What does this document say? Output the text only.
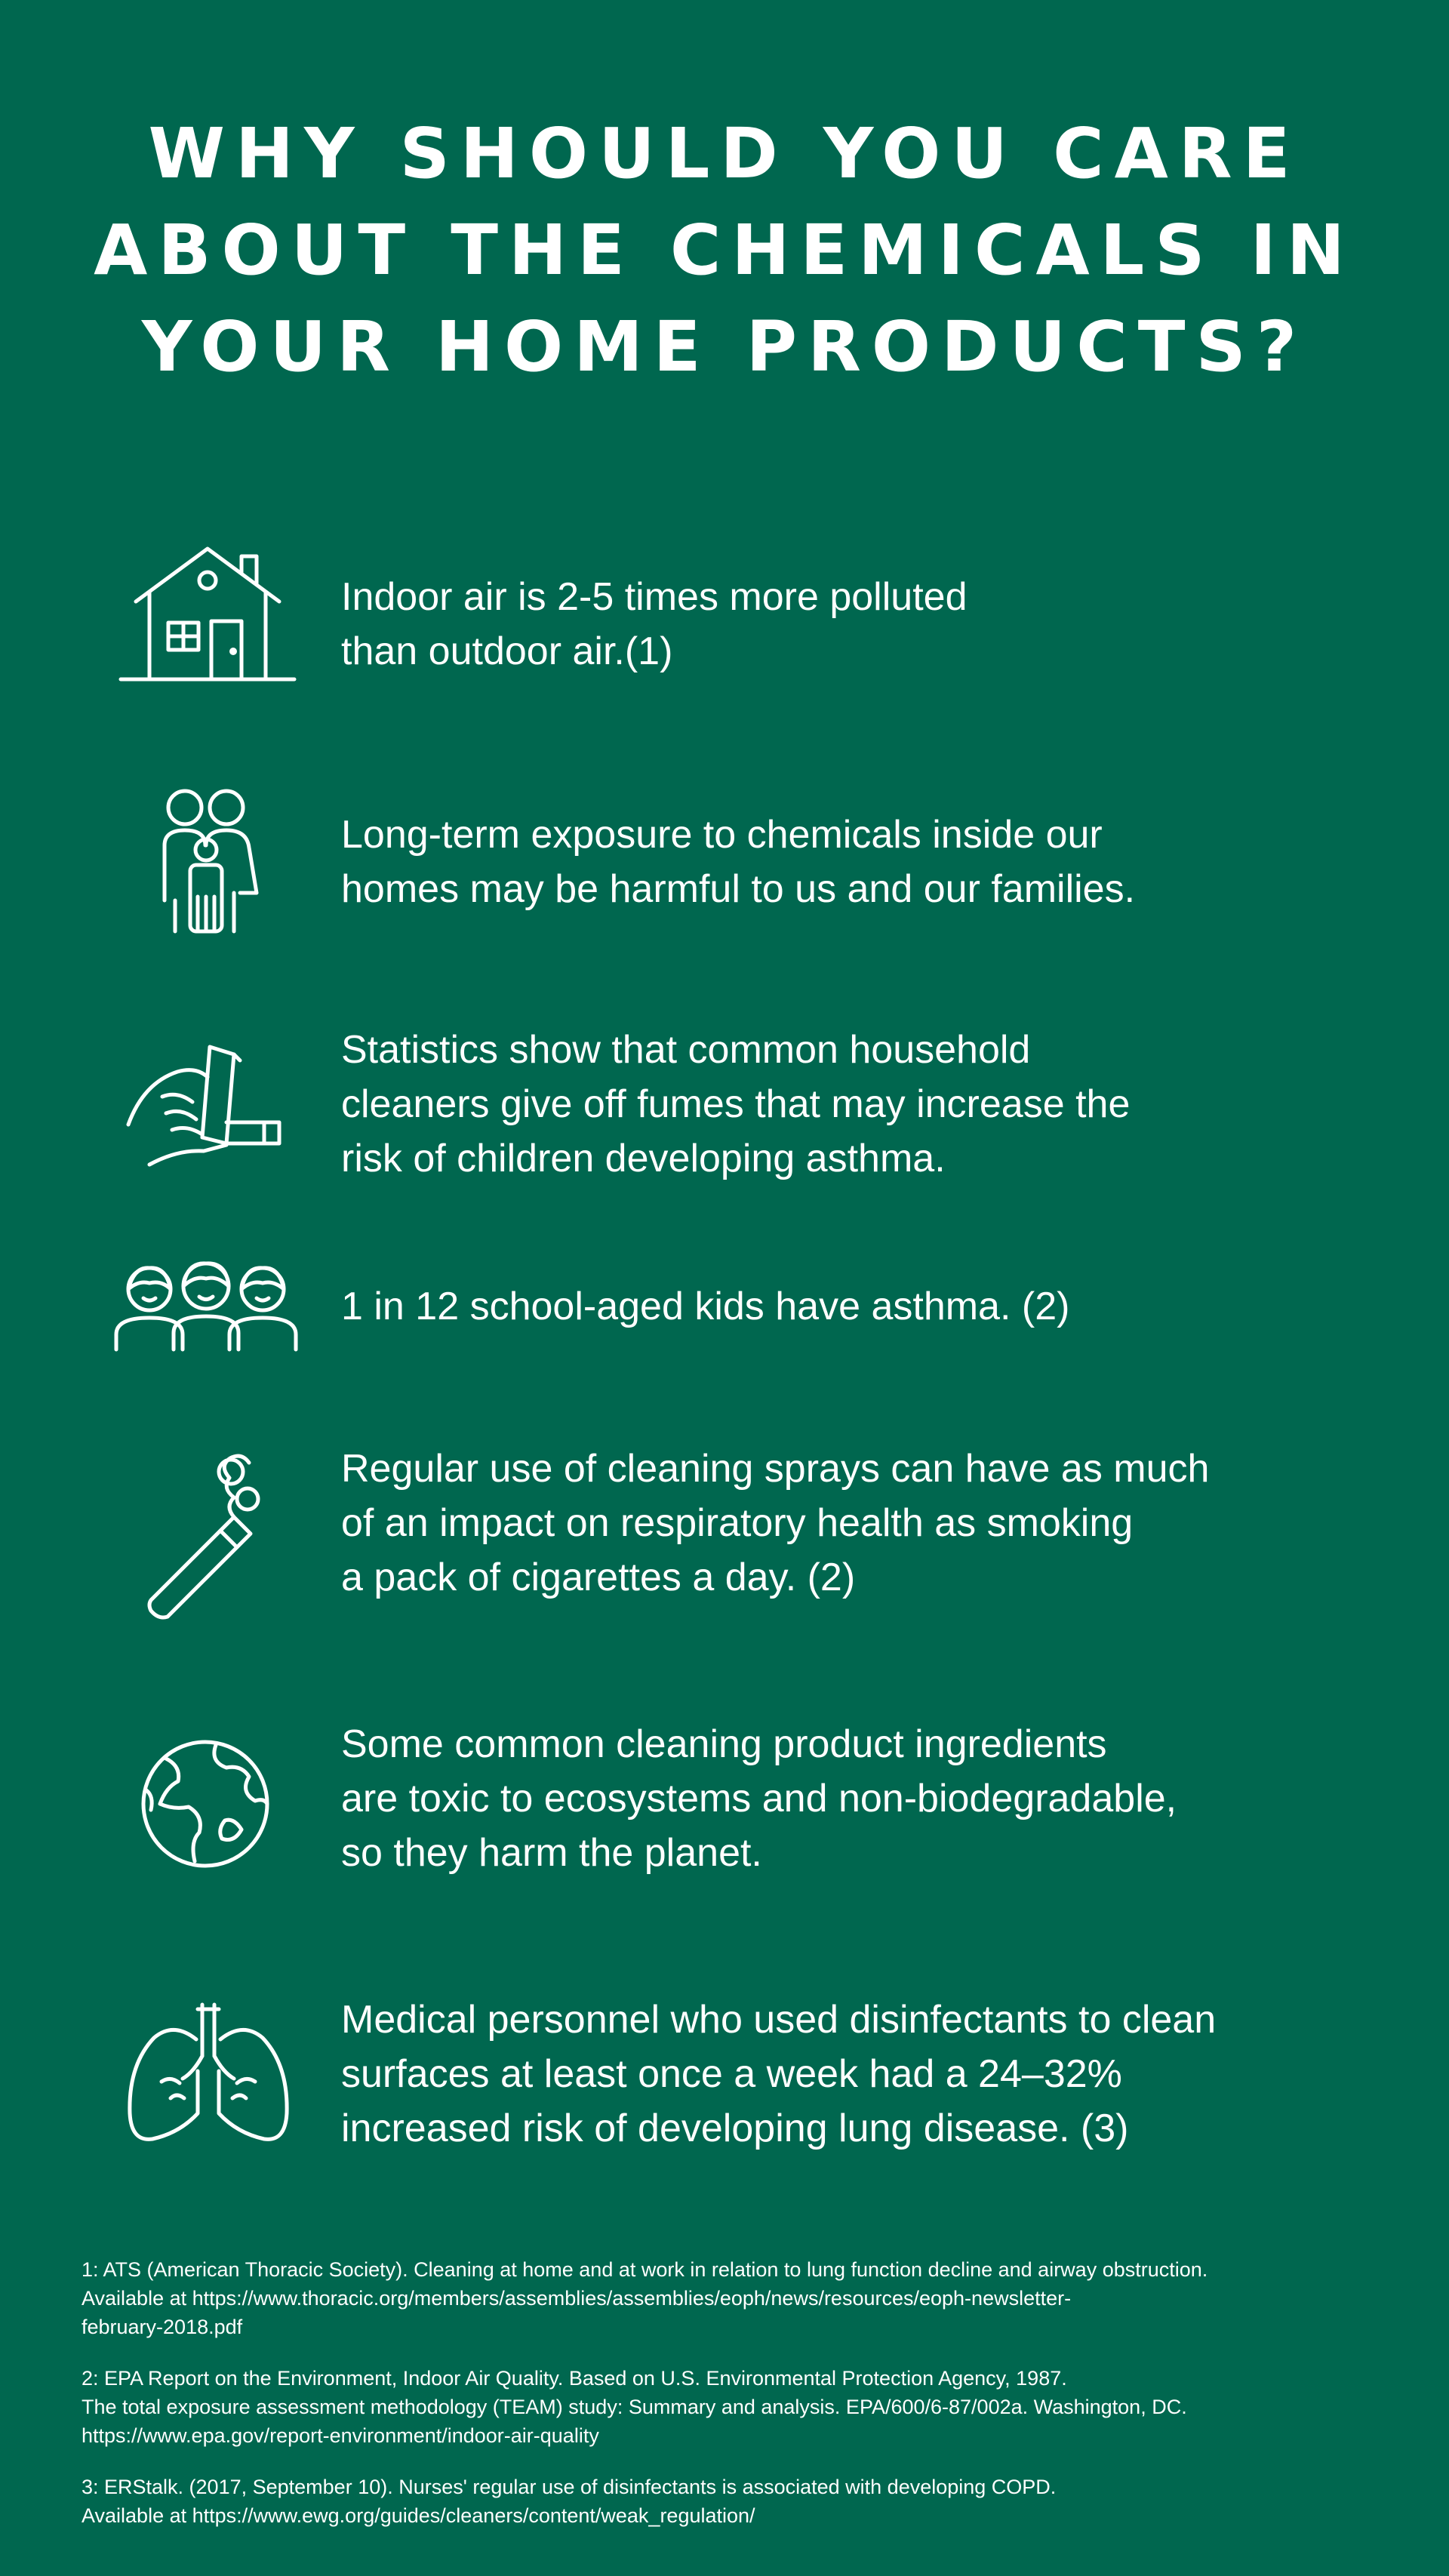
WHY SHOULD YOU CARE
ABOUT THE CHEMICALS IN
YOUR HOME PRODUCTS?
Indoor air is 2-5 times more polluted
than outdoor air.(1)
Long-term exposure to chemicals inside our
homes may be harmful to us and our families.
Statistics show that common household
cleaners give off fumes that may increase the
risk of children developing asthma.
1 in 12 school-aged kids have asthma. (2)
Regular use of cleaning sprays can have as much
of an impact on respiratory health as smoking
a pack of cigarettes a day. (2)
Some common cleaning product ingredients
are toxic to ecosystems and non-biodegradable,
so they harm the planet.
Medical personnel who used disinfectants to clean
surfaces at least once a week had a 24–32%
increased risk of developing lung disease. (3)
1: ATS (American Thoracic Society). Cleaning at home and at work in relation to lung function decline and airway obstruction.
Available at https://www.thoracic.org/members/assemblies/assemblies/eoph/news/resources/eoph-newsletter-
february-2018.pdf
2: EPA Report on the Environment, Indoor Air Quality. Based on U.S. Environmental Protection Agency, 1987.
The total exposure assessment methodology (TEAM) study: Summary and analysis. EPA/600/6-87/002a. Washington, DC.
https://www.epa.gov/report-environment/indoor-air-quality
3: ERStalk. (2017, September 10). Nurses' regular use of disinfectants is associated with developing COPD.
Available at https://www.ewg.org/guides/cleaners/content/weak_regulation/
